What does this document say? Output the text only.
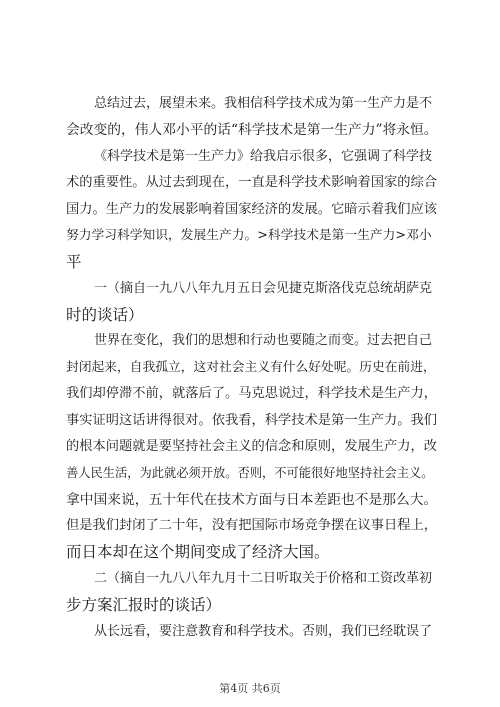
总结过去，展望未来。我相信科学技术成为第一生产力是不
会改变的，伟人邓小平的话“科学技术是第一生产力”将永恒。
《科学技术是第一生产力》给我启示很多，它强调了科学技
术的重要性。从过去到现在，一直是科学技术影响着国家的综合
国力。生产力的发展影响着国家经济的发展。它暗示着我们应该
努力学习科学知识，发展生产力。>科学技术是第一生产力>邓小
平
一（摘自一九八八年九月五日会见捷克斯洛伐克总统胡萨克
时的谈话）
世界在变化，我们的思想和行动也要随之而变。过去把自己
封闭起来，自我孤立，这对社会主义有什么好处呢。历史在前进，
我们却停滞不前，就落后了。马克思说过，科学技术是生产力，
事实证明这话讲得很对。依我看，科学技术是第一生产力。我们
的根本问题就是要坚持社会主义的信念和原则，发展生产力，改
善人民生活，为此就必须开放。否则，不可能很好地坚持社会主义。
拿中国来说，五十年代在技术方面与日本差距也不是那么大。
但是我们封闭了二十年，没有把国际市场竞争摆在议事日程上，
而日本却在这个期间变成了经济大国。
二（摘自一九八八年九月十二日听取关于价格和工资改革初
步方案汇报时的谈话）
从长远看，要注意教育和科学技术。否则，我们已经耽误了
第4页 共6页
